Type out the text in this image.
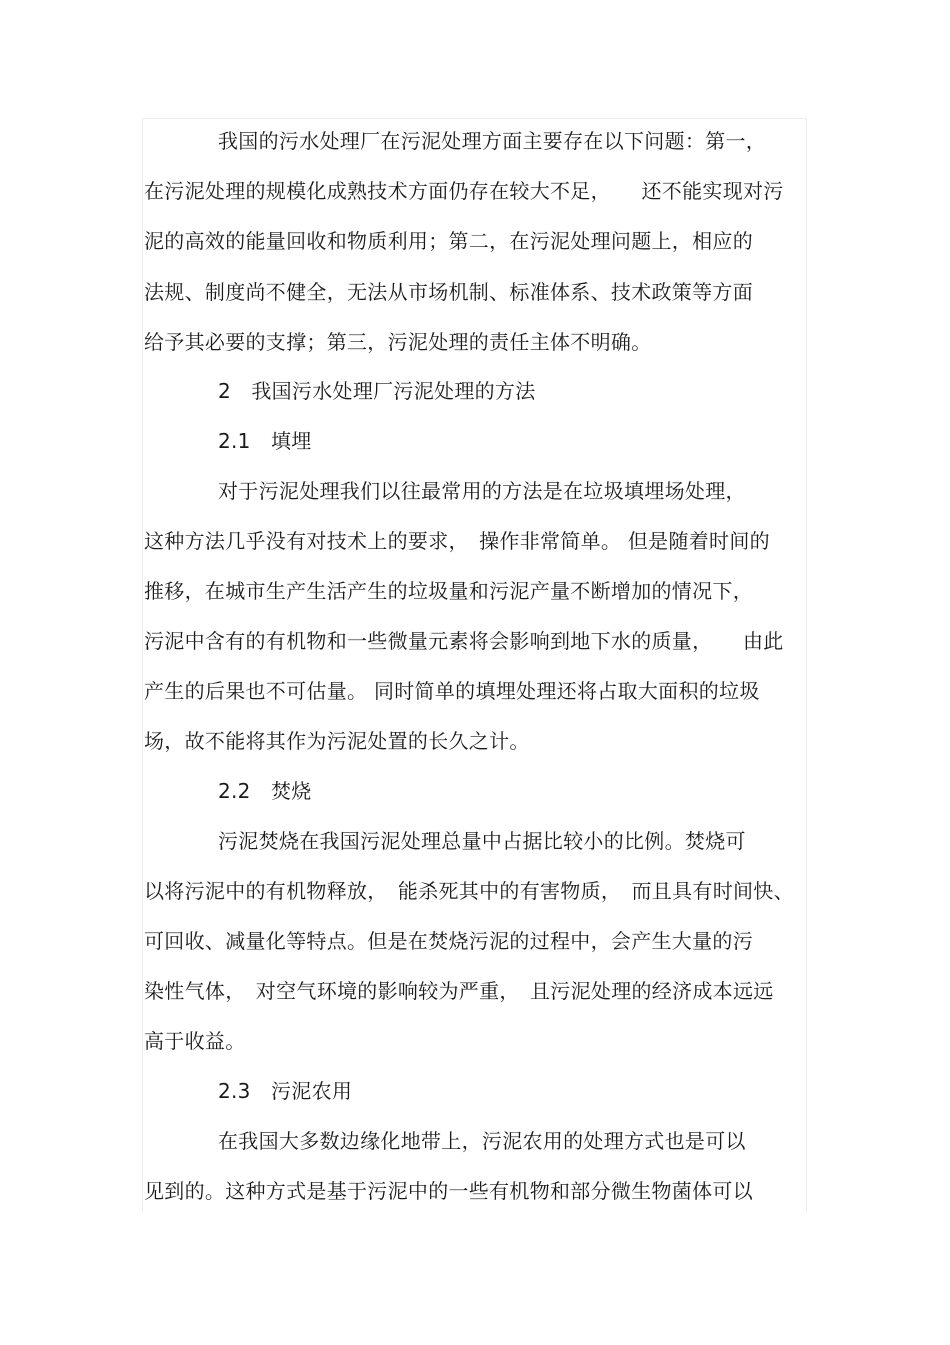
我国的污水处理厂在污泥处理方面主要存在以下问题：第一，
在污泥处理的规模化成熟技术方面仍存在较大不足，　　还不能实现对污
泥的高效的能量回收和物质利用；第二，在污泥处理问题上，相应的
法规、制度尚不健全，无法从市场机制、标准体系、技术政策等方面
给予其必要的支撑；第三，污泥处理的责任主体不明确。
2　我国污水处理厂污泥处理的方法
2.1　填埋
对于污泥处理我们以往最常用的方法是在垃圾填埋场处理，
这种方法几乎没有对技术上的要求，　操作非常简单。 但是随着时间的
推移，在城市生产生活产生的垃圾量和污泥产量不断增加的情况下，
污泥中含有的有机物和一些微量元素将会影响到地下水的质量，　　由此
产生的后果也不可估量。 同时简单的填埋处理还将占取大面积的垃圾
场，故不能将其作为污泥处置的长久之计。
2.2　焚烧
污泥焚烧在我国污泥处理总量中占据比较小的比例。焚烧可
以将污泥中的有机物释放，　能杀死其中的有害物质，　而且具有时间快、
可回收、减量化等特点。但是在焚烧污泥的过程中，会产生大量的污
染性气体，　对空气环境的影响较为严重，　且污泥处理的经济成本远远
高于收益。
2.3　污泥农用
在我国大多数边缘化地带上，污泥农用的处理方式也是可以
见到的。这种方式是基于污泥中的一些有机物和部分微生物菌体可以
